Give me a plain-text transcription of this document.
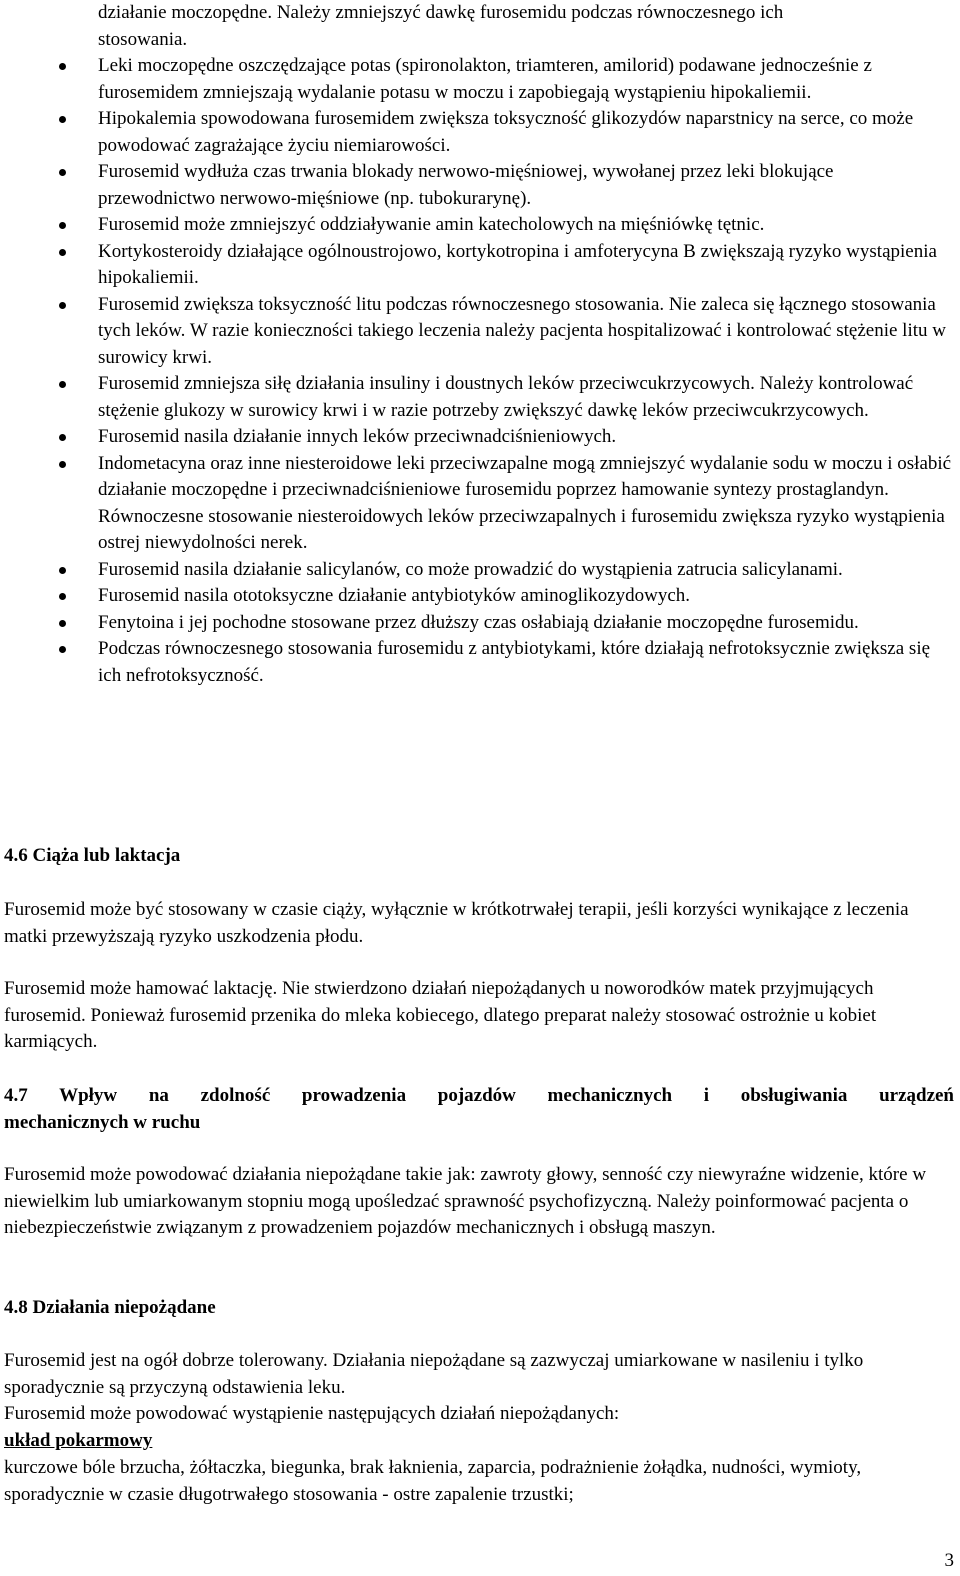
działanie moczopędne. Należy zmniejszyć dawkę furosemidu podczas równoczesnego ich
stosowania.
Leki moczopędne oszczędzające potas (spironolakton, triamteren, amilorid) podawane jednocześnie z furosemidem zmniejszają wydalanie potasu w moczu i zapobiegają wystąpieniu hipokaliemii.
Hipokalemia spowodowana furosemidem zwiększa toksyczność glikozydów naparstnicy na serce, co może powodować zagrażające życiu niemiarowości.
Furosemid wydłuża czas trwania blokady nerwowo-mięśniowej, wywołanej przez leki blokujące przewodnictwo nerwowo-mięśniowe (np. tubokurarynę).
Furosemid może zmniejszyć oddziaływanie amin katecholowych na mięśniówkę tętnic.
Kortykosteroidy działające ogólnoustrojowo, kortykotropina i amfoterycyna B zwiększają ryzyko wystąpienia hipokaliemii.
Furosemid zwiększa toksyczność litu podczas równoczesnego stosowania. Nie zaleca się łącznego stosowania tych leków. W razie konieczności takiego leczenia należy pacjenta hospitalizować i kontrolować stężenie litu w surowicy krwi.
Furosemid zmniejsza siłę działania insuliny i doustnych leków przeciwcukrzycowych. Należy kontrolować stężenie glukozy w surowicy krwi i w razie potrzeby zwiększyć dawkę leków przeciwcukrzycowych.
Furosemid nasila działanie innych leków przeciwnadciśnieniowych.
Indometacyna oraz inne niesteroidowe leki przeciwzapalne mogą zmniejszyć wydalanie sodu w moczu i osłabić działanie moczopędne i przeciwnadciśnieniowe furosemidu poprzez hamowanie syntezy prostaglandyn. Równoczesne stosowanie niesteroidowych leków przeciwzapalnych i furosemidu zwiększa ryzyko wystąpienia ostrej niewydolności nerek.
Furosemid nasila działanie salicylanów, co może prowadzić do wystąpienia zatrucia salicylanami.
Furosemid nasila ototoksyczne działanie antybiotyków aminoglikozydowych.
Fenytoina i jej pochodne stosowane przez dłuższy czas osłabiają działanie moczopędne furosemidu.
Podczas równoczesnego stosowania furosemidu z antybiotykami, które działają nefrotoksycznie zwiększa się ich nefrotoksyczność.
4.6 Ciąża lub laktacja
Furosemid może być stosowany w czasie ciąży, wyłącznie w krótkotrwałej terapii, jeśli korzyści wynikające z leczenia matki przewyższają ryzyko uszkodzenia płodu.
Furosemid może hamować laktację. Nie stwierdzono działań niepożądanych u noworodków matek przyjmujących furosemid. Ponieważ furosemid przenika do mleka kobiecego, dlatego preparat należy stosować ostrożnie u kobiet karmiących.
4.7 Wpływ na zdolność prowadzenia pojazdów mechanicznych i obsługiwania urządzeń
mechanicznych w ruchu
Furosemid może powodować działania niepożądane takie jak: zawroty głowy, senność czy niewyraźne widzenie, które w niewielkim lub umiarkowanym stopniu mogą upośledzać sprawność psychofizyczną. Należy poinformować pacjenta o niebezpieczeństwie związanym z prowadzeniem pojazdów mechanicznych i obsługą maszyn.
4.8 Działania niepożądane
Furosemid jest na ogół dobrze tolerowany. Działania niepożądane są zazwyczaj umiarkowane w nasileniu i tylko sporadycznie są przyczyną odstawienia leku.
Furosemid może powodować wystąpienie następujących działań niepożądanych:
układ pokarmowy
kurczowe bóle brzucha, żółtaczka, biegunka, brak łaknienia, zaparcia, podrażnienie żołądka, nudności, wymioty, sporadycznie w czasie długotrwałego stosowania - ostre zapalenie trzustki;
3
